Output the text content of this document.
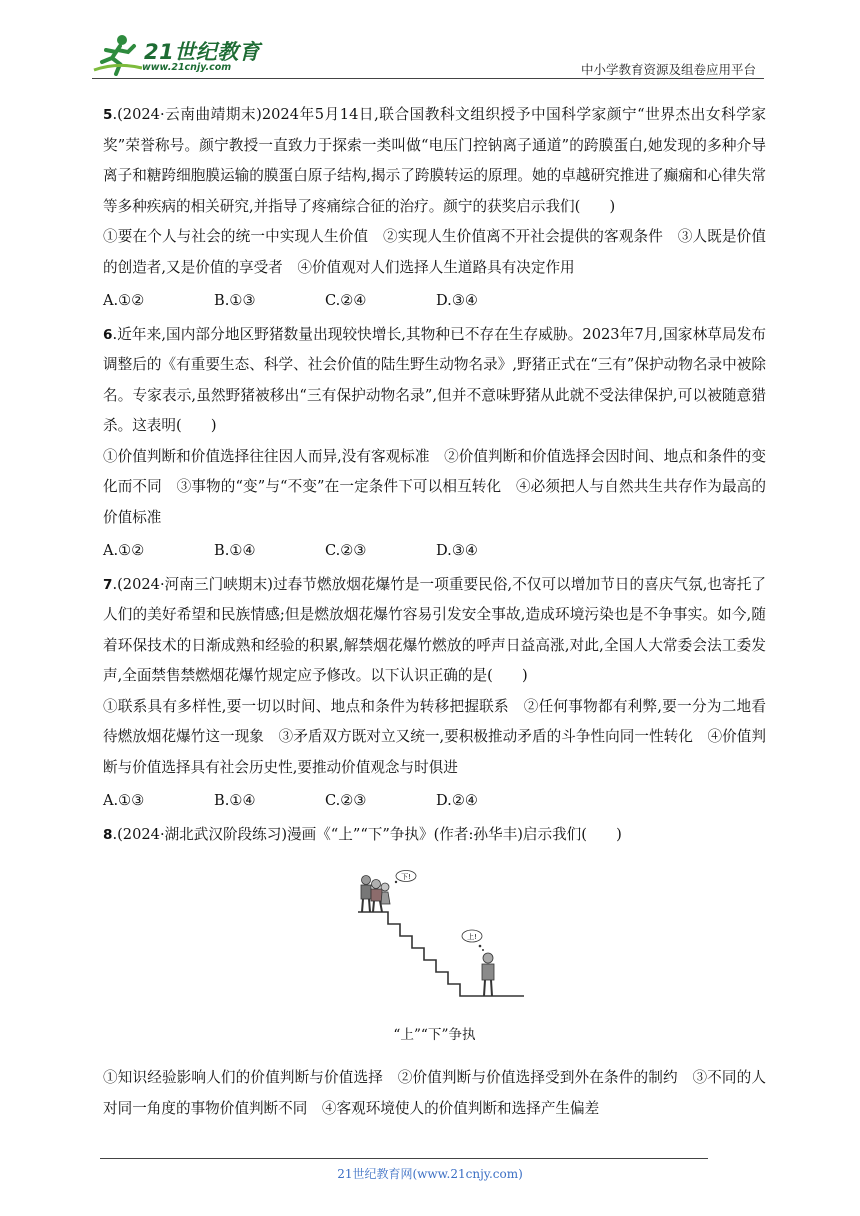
21世纪教育
www.21cnjy.com	中小学教育资源及组卷应用平台

5.(2024·云南曲靖期末)2024年5月14日,联合国教科文组织授予中国科学家颜宁“世界杰出女科学家奖”荣誉称号。颜宁教授一直致力于探索一类叫做“电压门控钠离子通道”的跨膜蛋白,她发现的多种介导离子和糖跨细胞膜运输的膜蛋白原子结构,揭示了跨膜转运的原理。她的卓越研究推进了癫痫和心律失常等多种疾病的相关研究,并指导了疼痛综合征的治疗。颜宁的获奖启示我们(　　)

①要在个人与社会的统一中实现人生价值　②实现人生价值离不开社会提供的客观条件　③人既是价值的创造者,又是价值的享受者　④价值观对人们选择人生道路具有决定作用

A.①②	B.①③	C.②④	D.③④

6.近年来,国内部分地区野猪数量出现较快增长,其物种已不存在生存威胁。2023年7月,国家林草局发布调整后的《有重要生态、科学、社会价值的陆生野生动物名录》,野猪正式在“三有”保护动物名录中被除名。专家表示,虽然野猪被移出“三有保护动物名录”,但并不意味野猪从此就不受法律保护,可以被随意猎杀。这表明(　　)

①价值判断和价值选择往往因人而异,没有客观标准　②价值判断和价值选择会因时间、地点和条件的变化而不同　③事物的“变”与“不变”在一定条件下可以相互转化　④必须把人与自然共生共存作为最高的价值标准

A.①②	B.①④	C.②③	D.③④

7.(2024·河南三门峡期末)过春节燃放烟花爆竹是一项重要民俗,不仅可以增加节日的喜庆气氛,也寄托了人们的美好希望和民族情感;但是燃放烟花爆竹容易引发安全事故,造成环境污染也是不争事实。如今,随着环保技术的日渐成熟和经验的积累,解禁烟花爆竹燃放的呼声日益高涨,对此,全国人大常委会法工委发声,全面禁售禁燃烟花爆竹规定应予修改。以下认识正确的是(　　)

①联系具有多样性,要一切以时间、地点和条件为转移把握联系　②任何事物都有利弊,要一分为二地看待燃放烟花爆竹这一现象　③矛盾双方既对立又统一,要积极推动矛盾的斗争性向同一性转化　④价值判断与价值选择具有社会历史性,要推动价值观念与时俱进

A.①③	B.①④	C.②③	D.②④

8.(2024·湖北武汉阶段练习)漫画《“上”“下”争执》(作者:孙华丰)启示我们(　　)

下!
上!
“上”“下”争执

①知识经验影响人们的价值判断与价值选择　②价值判断与价值选择受到外在条件的制约　③不同的人对同一角度的事物价值判断不同　④客观环境使人的价值判断和选择产生偏差

21世纪教育网(www.21cnjy.com)
